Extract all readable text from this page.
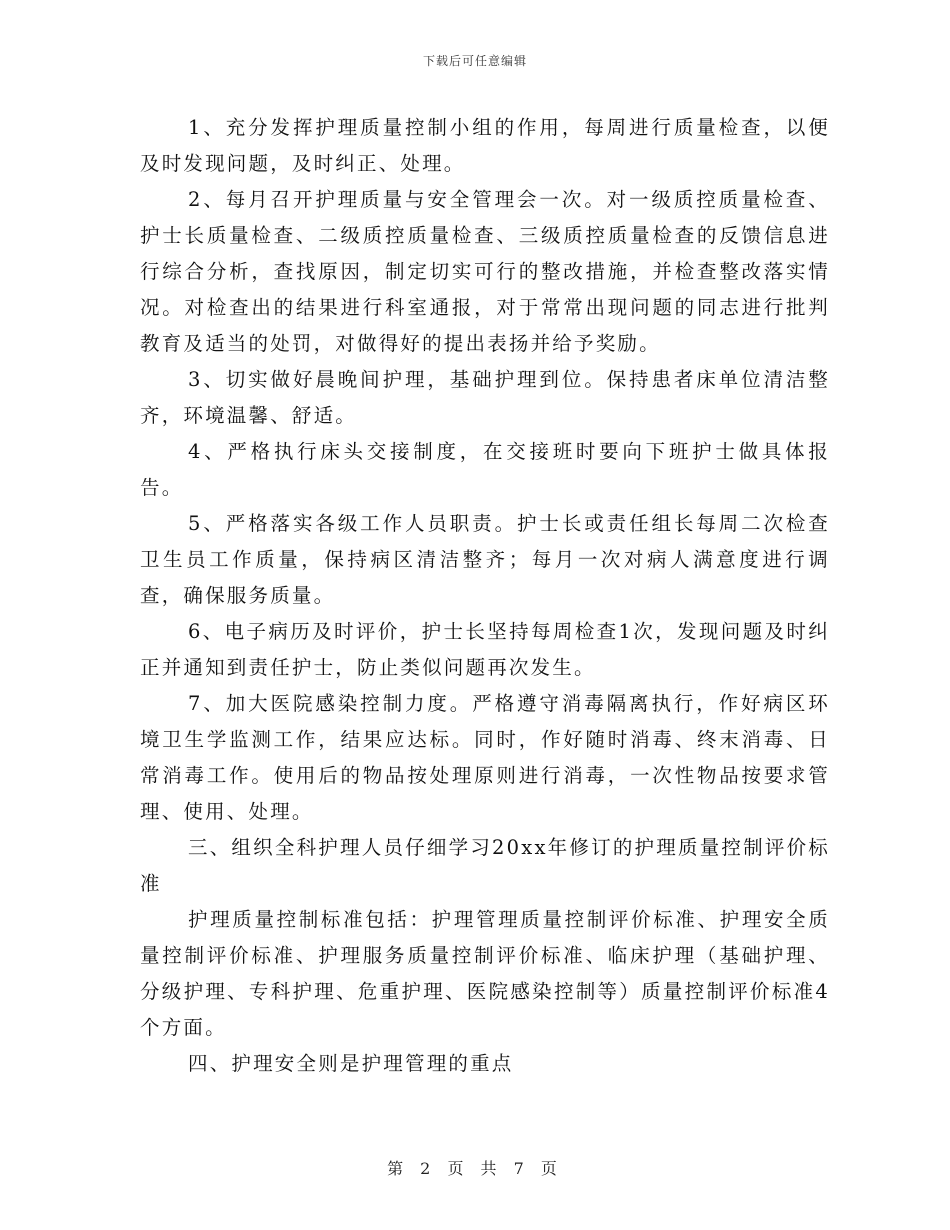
下载后可任意编辑

1、充分发挥护理质量控制小组的作用，每周进行质量检查，以便及时发现问题，及时纠正、处理。

2、每月召开护理质量与安全管理会一次。对一级质控质量检查、护士长质量检查、二级质控质量检查、三级质控质量检查的反馈信息进行综合分析，查找原因，制定切实可行的整改措施，并检查整改落实情况。对检查出的结果进行科室通报，对于常常出现问题的同志进行批判教育及适当的处罚，对做得好的提出表扬并给予奖励。

3、切实做好晨晚间护理，基础护理到位。保持患者床单位清洁整齐，环境温馨、舒适。

4、严格执行床头交接制度，在交接班时要向下班护士做具体报告。

5、严格落实各级工作人员职责。护士长或责任组长每周二次检查卫生员工作质量，保持病区清洁整齐；每月一次对病人满意度进行调查，确保服务质量。

6、电子病历及时评价，护士长坚持每周检查1次，发现问题及时纠正并通知到责任护士，防止类似问题再次发生。

7、加大医院感染控制力度。严格遵守消毒隔离执行，作好病区环境卫生学监测工作，结果应达标。同时，作好随时消毒、终末消毒、日常消毒工作。使用后的物品按处理原则进行消毒，一次性物品按要求管理、使用、处理。

三、组织全科护理人员仔细学习20xx年修订的护理质量控制评价标准

护理质量控制标准包括：护理管理质量控制评价标准、护理安全质量控制评价标准、护理服务质量控制评价标准、临床护理（基础护理、分级护理、专科护理、危重护理、医院感染控制等）质量控制评价标准4个方面。

四、护理安全则是护理管理的重点

第 2 页 共 7 页
